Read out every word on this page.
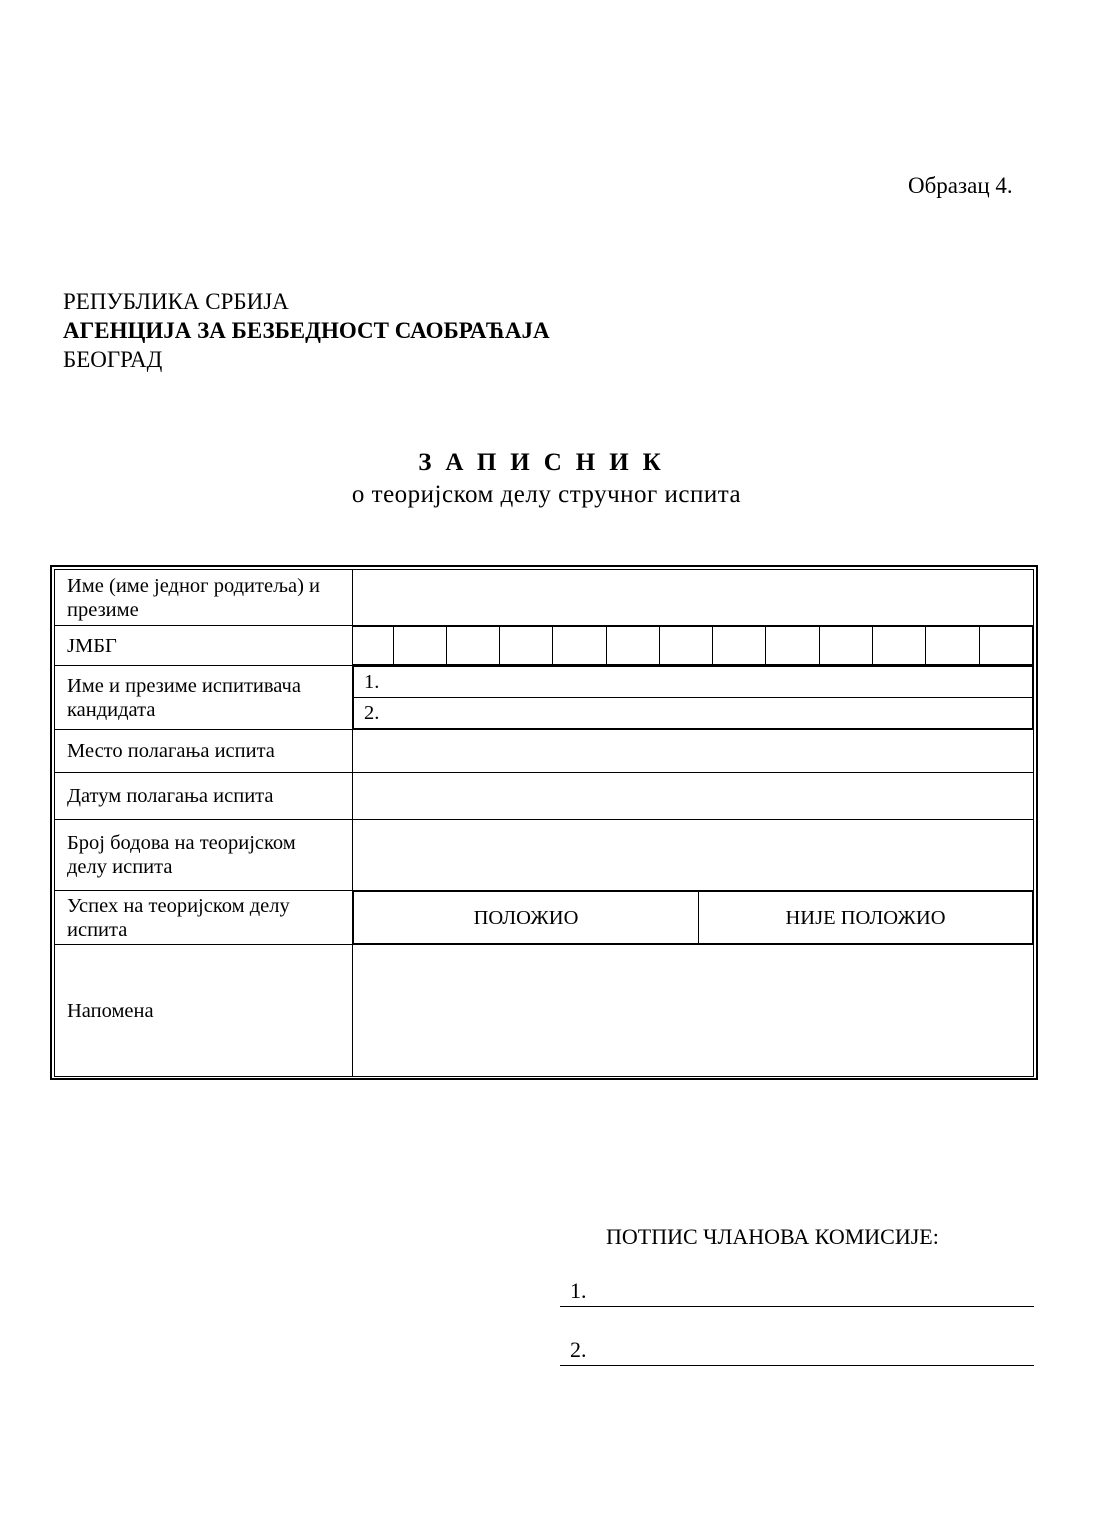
Образац 4.
РЕПУБЛИКА СРБИЈА
АГЕНЦИЈА ЗА БЕЗБЕДНОСТ САОБРАЋАЈА
БЕОГРАД
ЗАПИСНИК
о теоријском делу стручног испита
Име (име једног родитеља) и презиме	
ЈМБГ	

Име и презиме испитивача кандидата	
1.
2.

Место полагања испита	
Датум полагања испита	
Број бодова на теоријском делу испита	
Успех на теоријском делу испита	
ПОЛОЖИО	НИЈЕ ПОЛОЖИО

Напомена	
ПОТПИС ЧЛАНОВА КОМИСИЈЕ:
1.
2.
